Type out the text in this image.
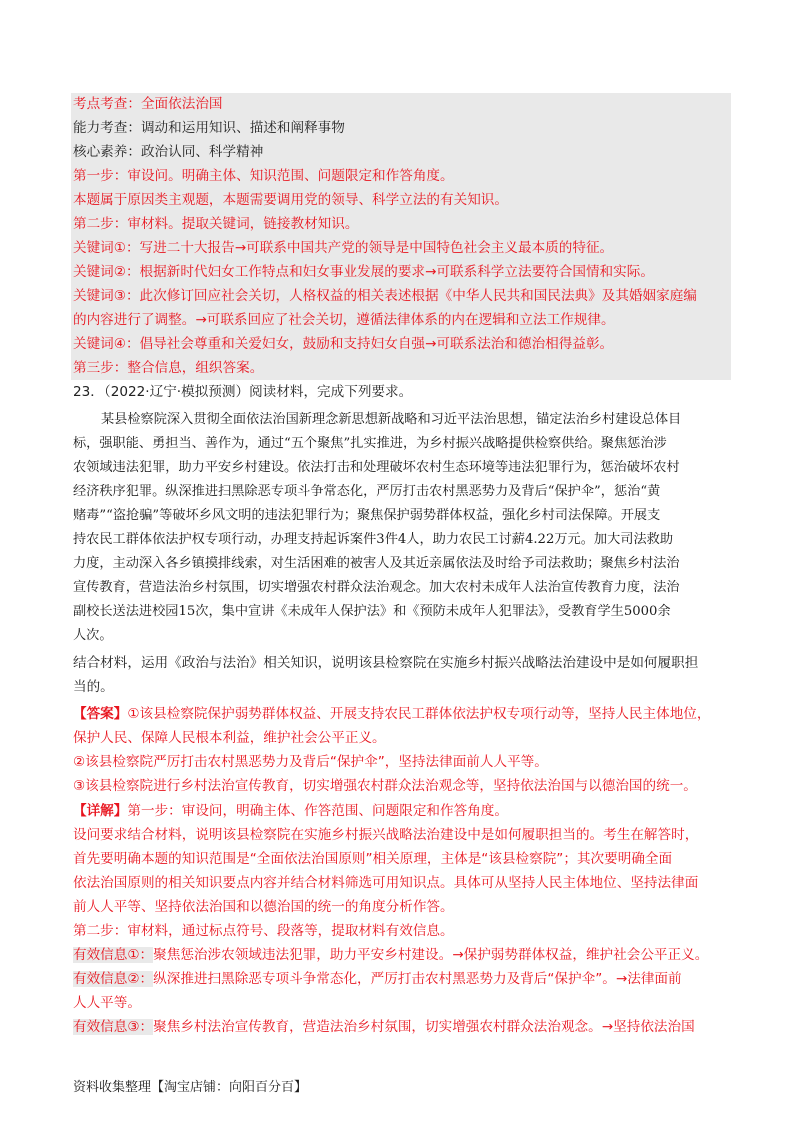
考点考查：全面依法治国
能力考查：调动和运用知识、描述和阐释事物
核心素养：政治认同、科学精神
第一步：审设问。明确主体、知识范围、问题限定和作答角度。
本题属于原因类主观题，本题需要调用党的领导、科学立法的有关知识。
第二步：审材料。提取关键词，链接教材知识。
关键词①：写进二十大报告→可联系中国共产党的领导是中国特色社会主义最本质的特征。
关键词②：根据新时代妇女工作特点和妇女事业发展的要求→可联系科学立法要符合国情和实际。
关键词③：此次修订回应社会关切，人格权益的相关表述根据《中华人民共和国民法典》及其婚姻家庭编
的内容进行了调整。→可联系回应了社会关切，遵循法律体系的内在逻辑和立法工作规律。
关键词④：倡导社会尊重和关爱妇女，鼓励和支持妇女自强→可联系法治和德治相得益彰。
第三步：整合信息，组织答案。
23．（2022·辽宁·模拟预测）阅读材料，完成下列要求。
某县检察院深入贯彻全面依法治国新理念新思想新战略和习近平法治思想，锚定法治乡村建设总体目
标，强职能、勇担当、善作为，通过“五个聚焦”扎实推进，为乡村振兴战略提供检察供给。聚焦惩治涉
农领域违法犯罪，助力平安乡村建设。依法打击和处理破坏农村生态环境等违法犯罪行为，惩治破坏农村
经济秩序犯罪。纵深推进扫黑除恶专项斗争常态化，严厉打击农村黑恶势力及背后“保护伞”，惩治“黄
赌毒”“盗抢骗”等破坏乡风文明的违法犯罪行为；聚焦保护弱势群体权益，强化乡村司法保障。开展支
持农民工群体依法护权专项行动，办理支持起诉案件3件4人，助力农民工讨薪4.22万元。加大司法救助
力度，主动深入各乡镇摸排线索，对生活困难的被害人及其近亲属依法及时给予司法救助；聚焦乡村法治
宣传教育，营造法治乡村氛围，切实增强农村群众法治观念。加大农村未成年人法治宣传教育力度，法治
副校长送法进校园15次，集中宣讲《未成年人保护法》和《预防未成年人犯罪法》，受教育学生5000余
人次。
结合材料，运用《政治与法治》相关知识，说明该县检察院在实施乡村振兴战略法治建设中是如何履职担
当的。
【答案】①该县检察院保护弱势群体权益、开展支持农民工群体依法护权专项行动等，坚持人民主体地位，
保护人民、保障人民根本利益，维护社会公平正义。
②该县检察院严厉打击农村黑恶势力及背后“保护伞”，坚持法律面前人人平等。
③该县检察院进行乡村法治宣传教育，切实增强农村群众法治观念等，坚持依法治国与以德治国的统一。
【详解】第一步：审设问，明确主体、作答范围、问题限定和作答角度。
设问要求结合材料，说明该县检察院在实施乡村振兴战略法治建设中是如何履职担当的。考生在解答时，
首先要明确本题的知识范围是“全面依法治国原则”相关原理，主体是“该县检察院”；其次要明确全面
依法治国原则的相关知识要点内容并结合材料筛选可用知识点。具体可从坚持人民主体地位、坚持法律面
前人人平等、坚持依法治国和以德治国的统一的角度分析作答。
第二步：审材料，通过标点符号、段落等，提取材料有效信息。
有效信息①：聚焦惩治涉农领域违法犯罪，助力平安乡村建设。→保护弱势群体权益，维护社会公平正义。
有效信息②：纵深推进扫黑除恶专项斗争常态化，严厉打击农村黑恶势力及背后“保护伞”。→法律面前
人人平等。
有效信息③：聚焦乡村法治宣传教育，营造法治乡村氛围，切实增强农村群众法治观念。→坚持依法治国
资料收集整理【淘宝店铺：向阳百分百】
